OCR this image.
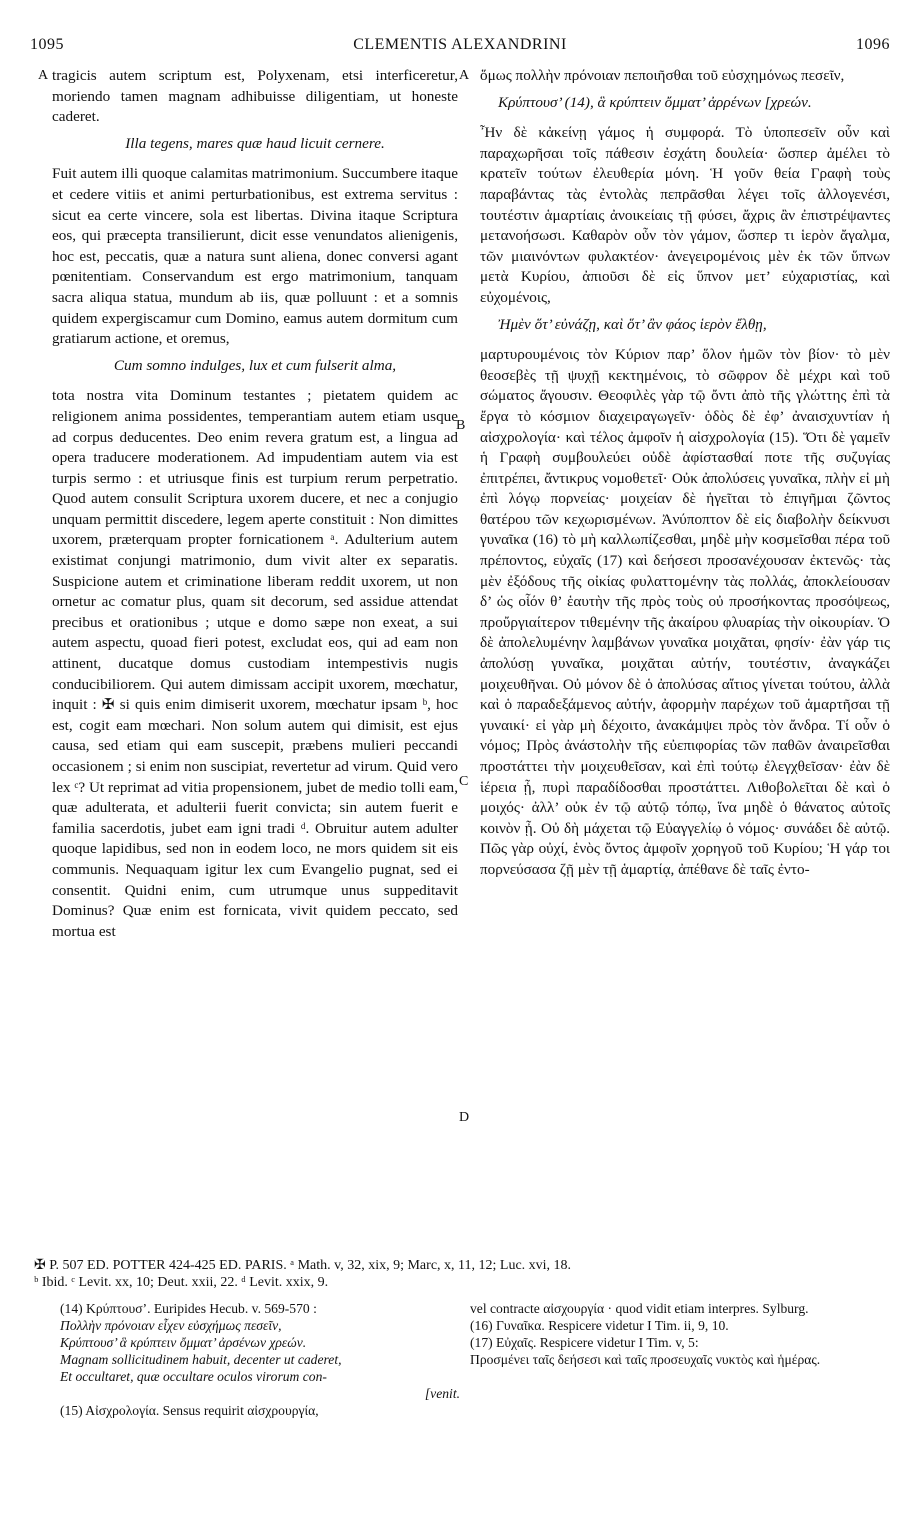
1095	CLEMENTIS ALEXANDRINI	1096
A	A
B
C
D

tragicis autem scriptum est, Polyxenam, etsi interficeretur, moriendo tamen magnam adhibuisse diligentiam, ut honeste caderet.

Illa tegens, mares quæ haud licuit cernere.

Fuit autem illi quoque calamitas matrimonium. Succumbere itaque et cedere vitiis et animi perturbationibus, est extrema servitus : sicut ea certe vincere, sola est libertas. Divina itaque Scriptura eos, qui præcepta transilierunt, dicit esse venundatos alienigenis, hoc est, peccatis, quæ a natura sunt aliena, donec conversi agant pœnitentiam. Conservandum est ergo matrimonium, tanquam sacra aliqua statua, mundum ab iis, quæ polluunt : et a somnis quidem expergiscamur cum Domino, eamus autem dormitum cum gratiarum actione, et oremus,

Cum somno indulges, lux et cum fulserit alma,

tota nostra vita Dominum testantes ; pietatem quidem ac religionem anima possidentes, temperantiam autem etiam usque ad corpus deducentes. Deo enim revera gratum est, a lingua ad opera traducere moderationem. Ad impudentiam autem via est turpis sermo : et utriusque finis est turpium rerum perpetratio. Quod autem consulit Scriptura uxorem ducere, et nec a conjugio unquam permittit discedere, legem aperte constituit : Non dimittes uxorem, præterquam propter fornicationem ᵃ. Adulterium autem existimat conjungi matrimonio, dum vivit alter ex separatis. Suspicione autem et criminatione liberam reddit uxorem, ut non ornetur ac comatur plus, quam sit decorum, sed assidue attendat precibus et orationibus ; utque e domo sæpe non exeat, a sui autem aspectu, quoad fieri potest, excludat eos, qui ad eam non attinent, ducatque domus custodiam intempestivis nugis conducibiliorem. Qui autem dimissam accipit uxorem, mœchatur, inquit : ✠ si quis enim dimiserit uxorem, mœchatur ipsam ᵇ, hoc est, cogit eam mœchari. Non solum autem qui dimisit, est ejus causa, sed etiam qui eam suscepit, præbens mulieri peccandi occasionem ; si enim non suscipiat, revertetur ad virum. Quid vero lex ᶜ? Ut reprimat ad vitia propensionem, jubet de medio tolli eam, quæ adulterata, et adulterii fuerit convicta; sin autem fuerit e familia sacerdotis, jubet eam igni tradi ᵈ. Obruitur autem adulter quoque lapidibus, sed non in eodem loco, ne mors quidem sit eis communis. Nequaquam igitur lex cum Evangelio pugnat, sed ei consentit. Quidni enim, cum utrumque unus suppeditavit Dominus? Quæ enim est fornicata, vivit quidem peccato, sed mortua est

ὅμως πολλὴν πρόνοιαν πεποιῆσθαι τοῦ εὐσχημόνως πεσεῖν,

Κρύπτουσ’ (14), ἃ κρύπτειν ὄμματ’ ἀρρένων [χρεών.

Ἦν δὲ κἀκείνῃ γάμος ἡ συμφορά. Τὸ ὑποπεσεῖν οὖν καὶ παραχωρῆσαι τοῖς πάθεσιν ἐσχάτη δουλεία· ὥσπερ ἀμέλει τὸ κρατεῖν τούτων ἐλευθερία μόνη. Ἡ γοῦν θεία Γραφὴ τοὺς παραβάντας τὰς ἐντολὰς πεπρᾶσθαι λέγει τοῖς ἀλλογενέσι, τουτέστιν ἁμαρτίαις ἀνοικείαις τῇ φύσει, ἄχρις ἂν ἐπιστρέψαντες μετανοήσωσι. Καθαρὸν οὖν τὸν γάμον, ὥσπερ τι ἱερὸν ἄγαλμα, τῶν μιαινόντων φυλακτέον· ἀνεγειρομένοις μὲν ἐκ τῶν ὕπνων μετὰ Κυρίου, ἀπιοῦσι δὲ εἰς ὕπνον μετ’ εὐχαριστίας, καὶ εὐχομένοις,

Ἠμὲν ὅτ’ εὐνάζῃ, καὶ ὅτ’ ἂν φάος ἱερὸν ἔλθῃ,

μαρτυρουμένοις τὸν Κύριον παρ’ ὅλον ἡμῶν τὸν βίον· τὸ μὲν θεοσεβὲς τῇ ψυχῇ κεκτημένοις, τὸ σῶφρον δὲ μέχρι καὶ τοῦ σώματος ἄγουσιν. Θεοφιλὲς γὰρ τῷ ὄντι ἀπὸ τῆς γλώττης ἐπὶ τὰ ἔργα τὸ κόσμιον διαχειραγωγεῖν· ὁδὸς δὲ ἐφ’ ἀναισχυντίαν ἡ αἰσχρολογία· καὶ τέλος ἀμφοῖν ἡ αἰσχρολογία (15). Ὅτι δὲ γαμεῖν ἡ Γραφὴ συμβουλεύει οὐδὲ ἀφίστασθαί ποτε τῆς συζυγίας ἐπιτρέπει, ἄντικρυς νομοθετεῖ· Οὐκ ἀπολύσεις γυναῖκα, πλὴν εἰ μὴ ἐπὶ λόγῳ πορνείας· μοιχείαν δὲ ἡγεῖται τὸ ἐπιγῆμαι ζῶντος θατέρου τῶν κεχωρισμένων. Ἀνύποπτον δὲ εἰς διαβολὴν δείκνυσι γυναῖκα (16) τὸ μὴ καλλωπίζεσθαι, μηδὲ μὴν κοσμεῖσθαι πέρα τοῦ πρέποντος, εὐχαῖς (17) καὶ δεήσεσι προσανέχουσαν ἐκτενῶς· τὰς μὲν ἐξόδους τῆς οἰκίας φυλαττομένην τὰς πολλάς, ἀποκλείουσαν δ’ ὡς οἷόν θ’ ἑαυτὴν τῆς πρὸς τοὺς οὐ προσήκοντας προσόψεως, προὔργιαίτερον τιθεμένην τῆς ἀκαίρου φλυαρίας τὴν οἰκουρίαν. Ὁ δὲ ἀπολελυμένην λαμβάνων γυναῖκα μοιχᾶται, φησίν· ἐὰν γάρ τις ἀπολύσῃ γυναῖκα, μοιχᾶται αὐτήν, τουτέστιν, ἀναγκάζει μοιχευθῆναι. Οὐ μόνον δὲ ὁ ἀπολύσας αἴτιος γίνεται τούτου, ἀλλὰ καὶ ὁ παραδεξάμενος αὐτήν, ἀφορμὴν παρέχων τοῦ ἁμαρτῆσαι τῇ γυναικί· εἰ γὰρ μὴ δέχοιτο, ἀνακάμψει πρὸς τὸν ἄνδρα. Τί οὖν ὁ νόμος; Πρὸς ἀνάστολὴν τῆς εὐεπιφορίας τῶν παθῶν ἀναιρεῖσθαι προστάττει τὴν μοιχευθεῖσαν, καὶ ἐπὶ τούτῳ ἐλεγχθεῖσαν· ἐὰν δὲ ἱέρεια ᾖ, πυρὶ παραδίδοσθαι προστάττει. Λιθοβολεῖται δὲ καὶ ὁ μοιχός· ἀλλ’ οὐκ ἐν τῷ αὐτῷ τόπῳ, ἵνα μηδὲ ὁ θάνατος αὐτοῖς κοινὸν ᾖ. Οὐ δὴ μάχεται τῷ Εὐαγγελίῳ ὁ νόμος· συνάδει δὲ αὐτῷ. Πῶς γὰρ οὐχί, ἑνὸς ὄντος ἀμφοῖν χορηγοῦ τοῦ Κυρίου; Ἡ γάρ τοι πορνεύσασα ζῇ μὲν τῇ ἁμαρτίᾳ, ἀπέθανε δὲ ταῖς ἐντο-

✠ P. 507 ED. POTTER 424-425 ED. PARIS. ᵃ Math. v, 32, xix, 9; Marc, x, 11, 12; Luc. xvi, 18.
ᵇ Ibid. ᶜ Levit. xx, 10; Deut. xxii, 22. ᵈ Levit. xxix, 9.

(14) Κρύπτουσ’. Euripides Hecub. v. 569-570 :

Πολλὴν πρόνοιαν εἶχεν εὐσχήμως πεσεῖν,

Κρύπτουσ’ ἃ κρύπτειν ὄμματ’ ἀρσένων χρεών.

Magnam sollicitudinem habuit, decenter ut caderet,

Et occultaret, quæ occultare oculos virorum con-

[venit.

(15) Αἰσχρολογία. Sensus requirit αἰσχρουργία,

vel contracte αἰσχουργία · quod vidit etiam interpres. Sylburg.

(16) Γυναῖκα. Respicere videtur I Tim. ii, 9, 10.

(17) Εὐχαῖς. Respicere videtur I Tim. v, 5:

Προσμένει ταῖς δεήσεσι καὶ ταῖς προσευχαῖς νυκτὸς καὶ ἡμέρας.
